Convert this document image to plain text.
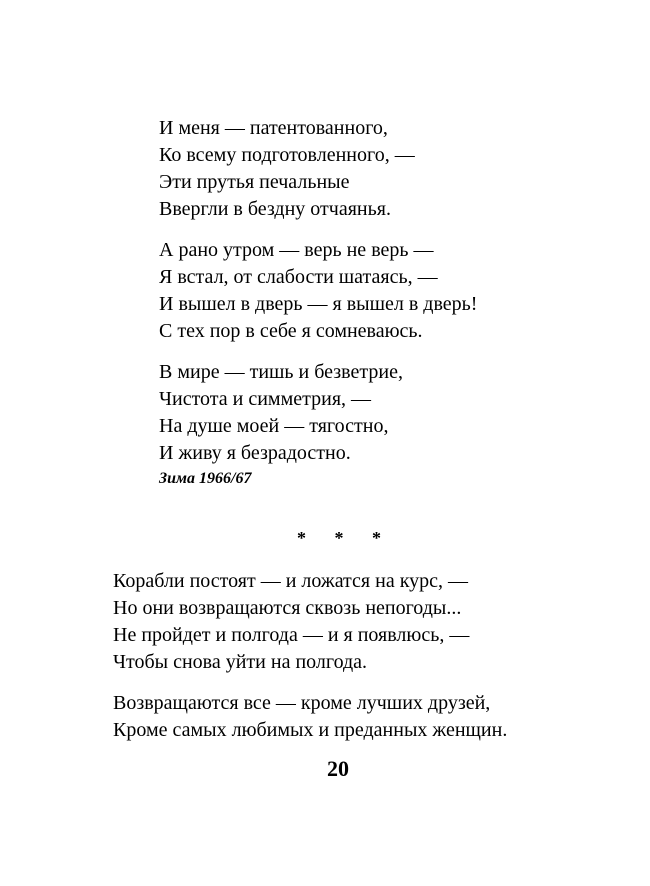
И меня — патентованного,
Ко всему подготовленного, —
Эти прутья печальные
Ввергли в бездну отчаянья.
А рано утром — верь не верь —
Я встал, от слабости шатаясь, —
И вышел в дверь — я вышел в дверь!
С тех пор в себе я сомневаюсь.
В мире — тишь и безветрие,
Чистота и симметрия, —
На душе моей — тягостно,
И живу я безрадостно.
Зима 1966/67
* * *
Корабли постоят — и ложатся на курс, —
Но они возвращаются сквозь непогоды...
Не пройдет и полгода — и я появлюсь, —
Чтобы снова уйти на полгода.
Возвращаются все — кроме лучших друзей,
Кроме самых любимых и преданных женщин.
20
